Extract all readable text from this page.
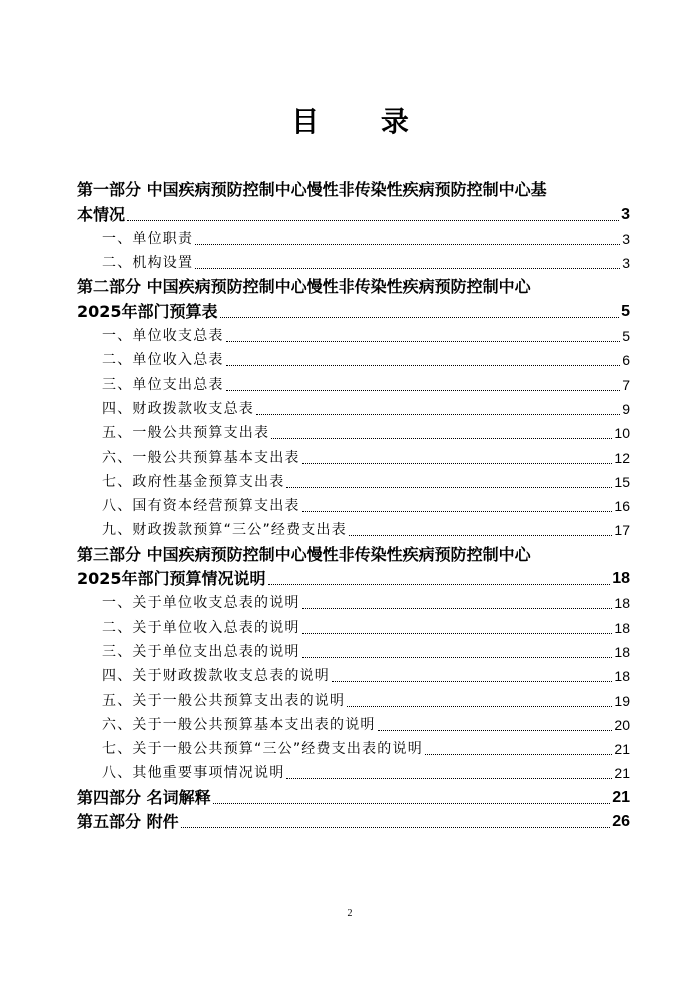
目 录
第一部分 中国疾病预防控制中心慢性非传染性疾病预防控制中心基
本情况	3
一、单位职责	3
二、机构设置	3
第二部分 中国疾病预防控制中心慢性非传染性疾病预防控制中心
2025年部门预算表	5
一、单位收支总表	5
二、单位收入总表	6
三、单位支出总表	7
四、财政拨款收支总表	9
五、一般公共预算支出表	10
六、一般公共预算基本支出表	12
七、政府性基金预算支出表	15
八、国有资本经营预算支出表	16
九、财政拨款预算“三公”经费支出表	17
第三部分 中国疾病预防控制中心慢性非传染性疾病预防控制中心
2025年部门预算情况说明	18
一、关于单位收支总表的说明	18
二、关于单位收入总表的说明	18
三、关于单位支出总表的说明	18
四、关于财政拨款收支总表的说明	18
五、关于一般公共预算支出表的说明	19
六、关于一般公共预算基本支出表的说明	20
七、关于一般公共预算“三公”经费支出表的说明	21
八、其他重要事项情况说明	21
第四部分 名词解释	21
第五部分 附件	26
2
